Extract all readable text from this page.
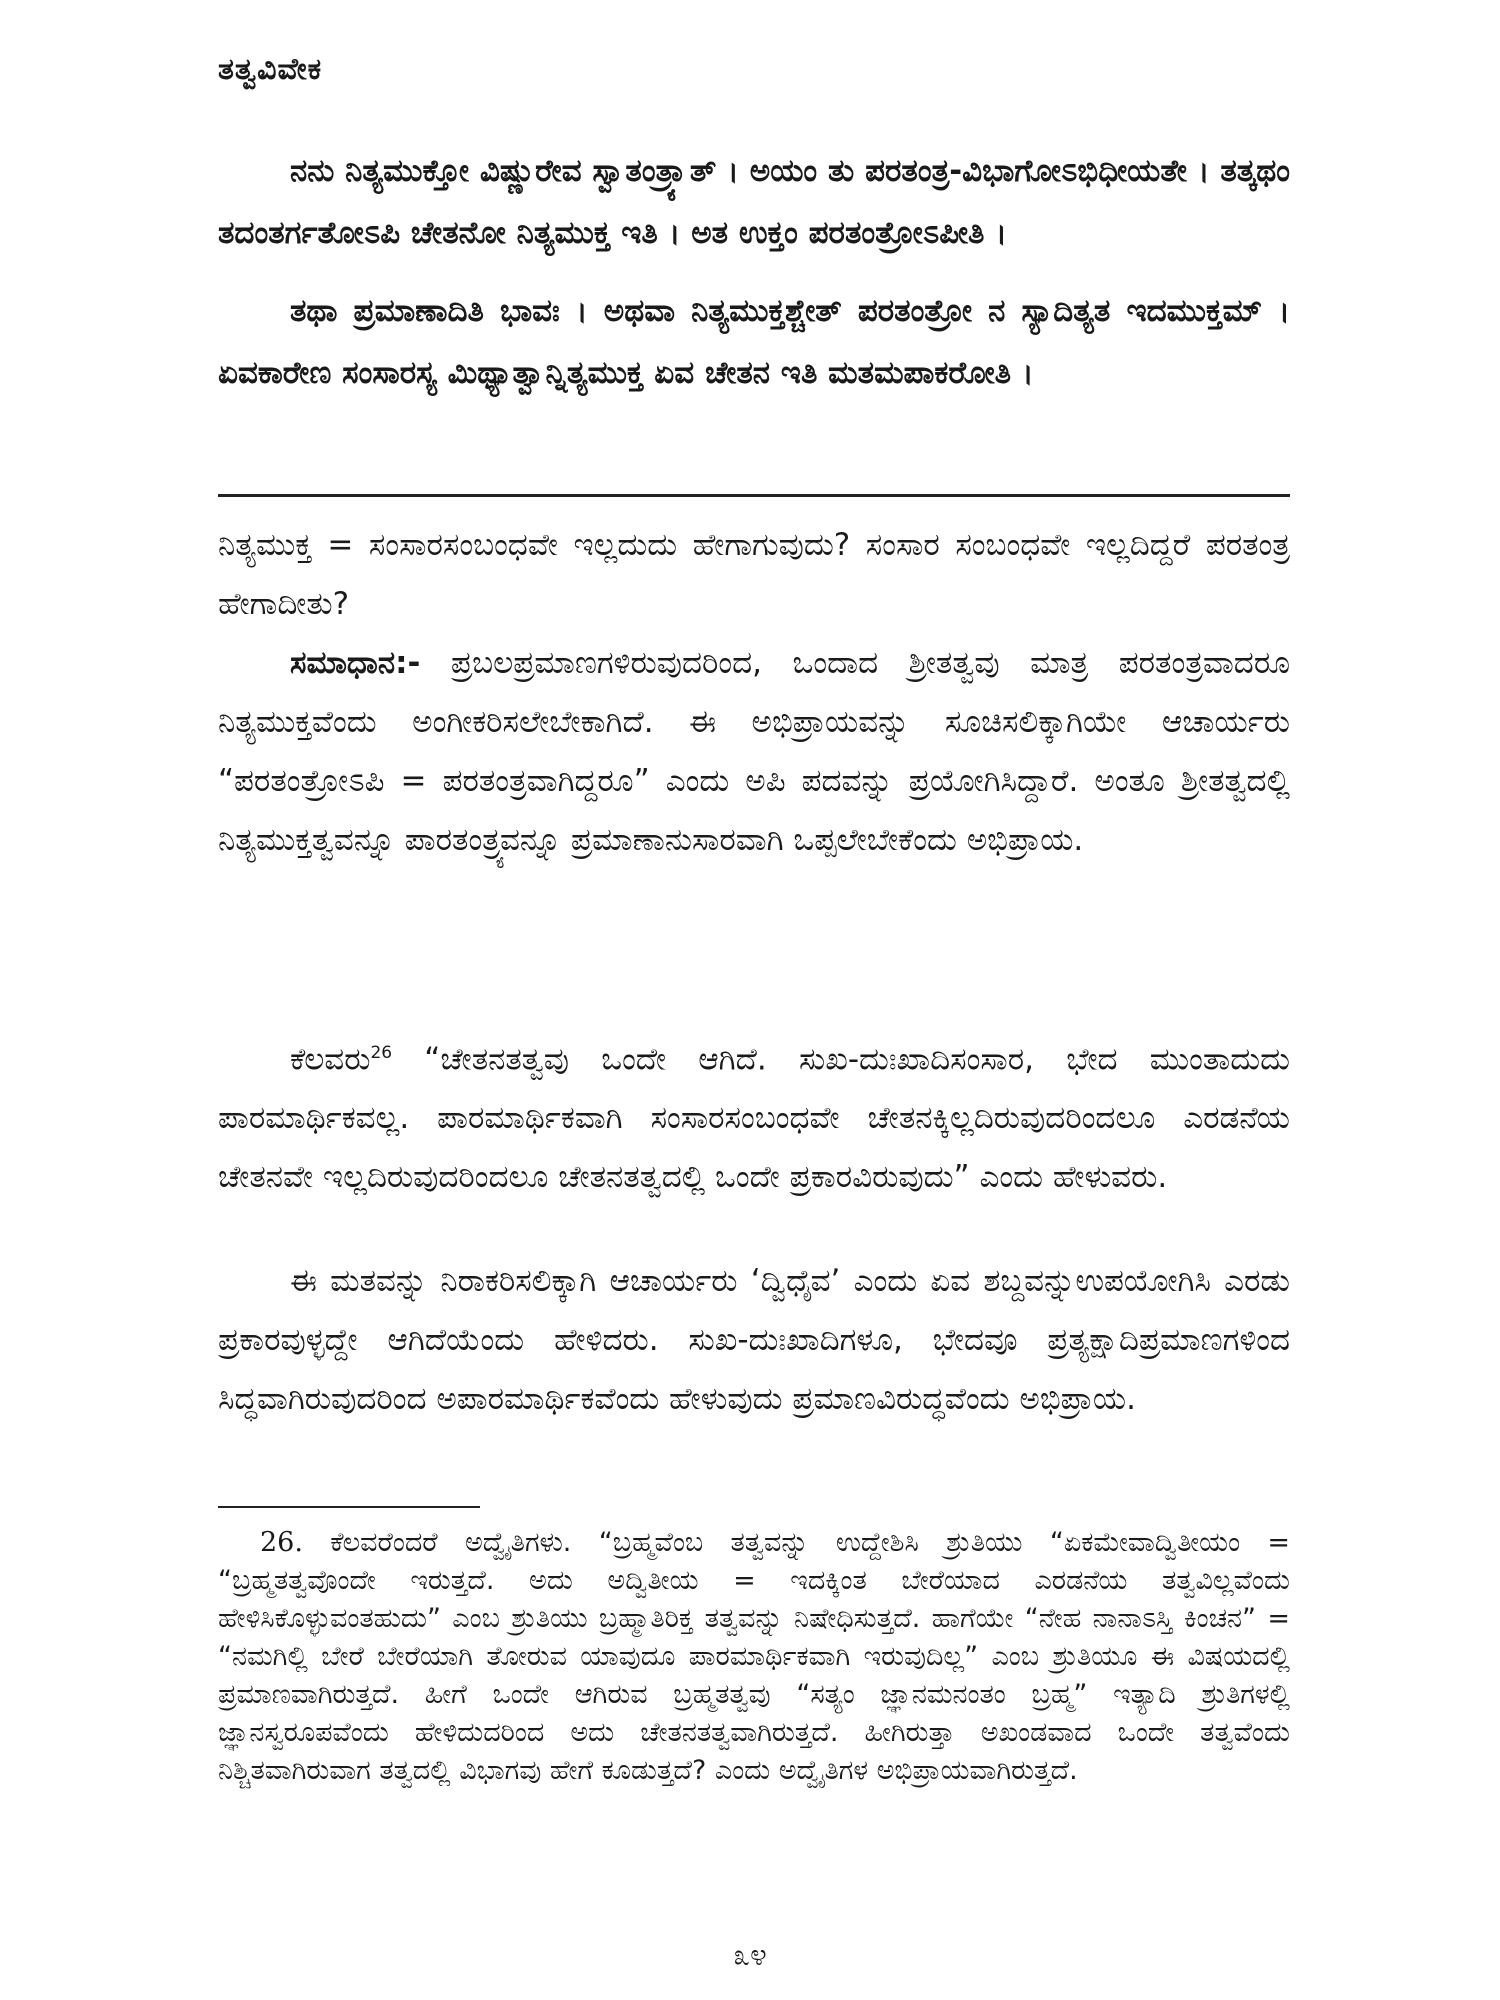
ತತ್ವವಿವೇಕ

ನನು ನಿತ್ಯಮುಕ್ತೋ ವಿಷ್ಣುರೇವ ಸ್ವಾತಂತ್ರ್ಯಾತ್ । ಅಯಂ ತು ಪರತಂತ್ರ-ವಿಭಾಗೋಽಭಿಧೀಯತೇ । ತತ್ಕಥಂ ತದಂತರ್ಗತೋಽಪಿ ಚೇತನೋ ನಿತ್ಯಮುಕ್ತ ಇತಿ । ಅತ ಉಕ್ತಂ ಪರತಂತ್ರೋಽಪೀತಿ ।

ತಥಾ ಪ್ರಮಾಣಾದಿತಿ ಭಾವಃ । ಅಥವಾ ನಿತ್ಯಮುಕ್ತಶ್ಚೇತ್ ಪರತಂತ್ರೋ ನ ಸ್ಯಾದಿತ್ಯತ ಇದಮುಕ್ತಮ್ । ಏವಕಾರೇಣ ಸಂಸಾರಸ್ಯ ಮಿಥ್ಯಾತ್ವಾನ್ನಿತ್ಯಮುಕ್ತ ಏವ ಚೇತನ ಇತಿ ಮತಮಪಾಕರೋತಿ ।

ನಿತ್ಯಮುಕ್ತ = ಸಂಸಾರಸಂಬಂಧವೇ ಇಲ್ಲದುದು ಹೇಗಾಗುವುದು? ಸಂಸಾರ ಸಂಬಂಧವೇ ಇಲ್ಲದಿದ್ದರೆ ಪರತಂತ್ರ ಹೇಗಾದೀತು?

ಸಮಾಧಾನ:- ಪ್ರಬಲಪ್ರಮಾಣಗಳಿರುವುದರಿಂದ, ಒಂದಾದ ಶ್ರೀತತ್ವವು ಮಾತ್ರ ಪರತಂತ್ರವಾದರೂ ನಿತ್ಯಮುಕ್ತವೆಂದು ಅಂಗೀಕರಿಸಲೇಬೇಕಾಗಿದೆ. ಈ ಅಭಿಪ್ರಾಯವನ್ನು ಸೂಚಿಸಲಿಕ್ಕಾಗಿಯೇ ಆಚಾರ್ಯರು “ಪರತಂತ್ರೋಽಪಿ = ಪರತಂತ್ರವಾಗಿದ್ದರೂ” ಎಂದು ಅಪಿ ಪದವನ್ನು ಪ್ರಯೋಗಿಸಿದ್ದಾರೆ. ಅಂತೂ ಶ್ರೀತತ್ವದಲ್ಲಿ ನಿತ್ಯಮುಕ್ತತ್ವವನ್ನೂ ಪಾರತಂತ್ರ್ಯವನ್ನೂ ಪ್ರಮಾಣಾನುಸಾರವಾಗಿ ಒಪ್ಪಲೇಬೇಕೆಂದು ಅಭಿಪ್ರಾಯ.

ಕೆಲವರು$^{26}$ “ಚೇತನತತ್ವವು ಒಂದೇ ಆಗಿದೆ. ಸುಖ-ದುಃಖಾದಿಸಂಸಾರ, ಭೇದ ಮುಂತಾದುದು ಪಾರಮಾರ್ಥಿಕವಲ್ಲ. ಪಾರಮಾರ್ಥಿಕವಾಗಿ ಸಂಸಾರಸಂಬಂಧವೇ ಚೇತನಕ್ಕಿಲ್ಲದಿರುವುದರಿಂದಲೂ ಎರಡನೆಯ ಚೇತನವೇ ಇಲ್ಲದಿರುವುದರಿಂದಲೂ ಚೇತನತತ್ವದಲ್ಲಿ ಒಂದೇ ಪ್ರಕಾರವಿರುವುದು” ಎಂದು ಹೇಳುವರು.

ಈ ಮತವನ್ನು ನಿರಾಕರಿಸಲಿಕ್ಕಾಗಿ ಆಚಾರ್ಯರು ‘ದ್ವಿಧೈವ’ ಎಂದು ಏವ ಶಬ್ದವನ್ನುಉಪಯೋಗಿಸಿ ಎರಡು ಪ್ರಕಾರವುಳ್ಳದ್ದೇ ಆಗಿದೆಯೆಂದು ಹೇಳಿದರು. ಸುಖ-ದುಃಖಾದಿಗಳೂ, ಭೇದವೂ ಪ್ರತ್ಯಕ್ಷಾದಿಪ್ರಮಾಣಗಳಿಂದ ಸಿದ್ಧವಾಗಿರುವುದರಿಂದ ಅಪಾರಮಾರ್ಥಿಕವೆಂದು ಹೇಳುವುದು ಪ್ರಮಾಣವಿರುದ್ಧವೆಂದು ಅಭಿಪ್ರಾಯ.

26. ಕೆಲವರೆಂದರೆ ಅದ್ವೈತಿಗಳು. “ಬ್ರಹ್ಮವೆಂಬ ತತ್ವವನ್ನು ಉದ್ದೇಶಿಸಿ ಶ್ರುತಿಯು “ಏಕಮೇವಾದ್ವಿತೀಯಂ = “ಬ್ರಹ್ಮತತ್ವವೊಂದೇ ಇರುತ್ತದೆ. ಅದು ಅದ್ವಿತೀಯ = ಇದಕ್ಕಿಂತ ಬೇರೆಯಾದ ಎರಡನೆಯ ತತ್ವವಿಲ್ಲವೆಂದು ಹೇಳಿಸಿಕೊಳ್ಳುವಂತಹುದು” ಎಂಬ ಶ್ರುತಿಯು ಬ್ರಹ್ಮಾತಿರಿಕ್ತ ತತ್ವವನ್ನು ನಿಷೇಧಿಸುತ್ತದೆ. ಹಾಗೆಯೇ “ನೇಹ ನಾನಾಽಸ್ತಿ ಕಿಂಚನ” = “ನಮಗಿಲ್ಲಿ ಬೇರೆ ಬೇರೆಯಾಗಿ ತೋರುವ ಯಾವುದೂ ಪಾರಮಾರ್ಥಿಕವಾಗಿ ಇರುವುದಿಲ್ಲ” ಎಂಬ ಶ್ರುತಿಯೂ ಈ ವಿಷಯದಲ್ಲಿ ಪ್ರಮಾಣವಾಗಿರುತ್ತದೆ. ಹೀಗೆ ಒಂದೇ ಆಗಿರುವ ಬ್ರಹ್ಮತತ್ವವು “ಸತ್ಯಂ ಜ್ಞಾನಮನಂತಂ ಬ್ರಹ್ಮ” ಇತ್ಯಾದಿ ಶ್ರುತಿಗಳಲ್ಲಿ ಜ್ಞಾನಸ್ವರೂಪವೆಂದು ಹೇಳಿದುದರಿಂದ ಅದು ಚೇತನತತ್ವವಾಗಿರುತ್ತದೆ. ಹೀಗಿರುತ್ತಾ ಅಖಂಡವಾದ ಒಂದೇ ತತ್ವವೆಂದು ನಿಶ್ಚಿತವಾಗಿರುವಾಗ ತತ್ವದಲ್ಲಿ ವಿಭಾಗವು ಹೇಗೆ ಕೂಡುತ್ತದೆ? ಎಂದು ಅದ್ವೈತಿಗಳ ಅಭಿಪ್ರಾಯವಾಗಿರುತ್ತದೆ.

೩೪
